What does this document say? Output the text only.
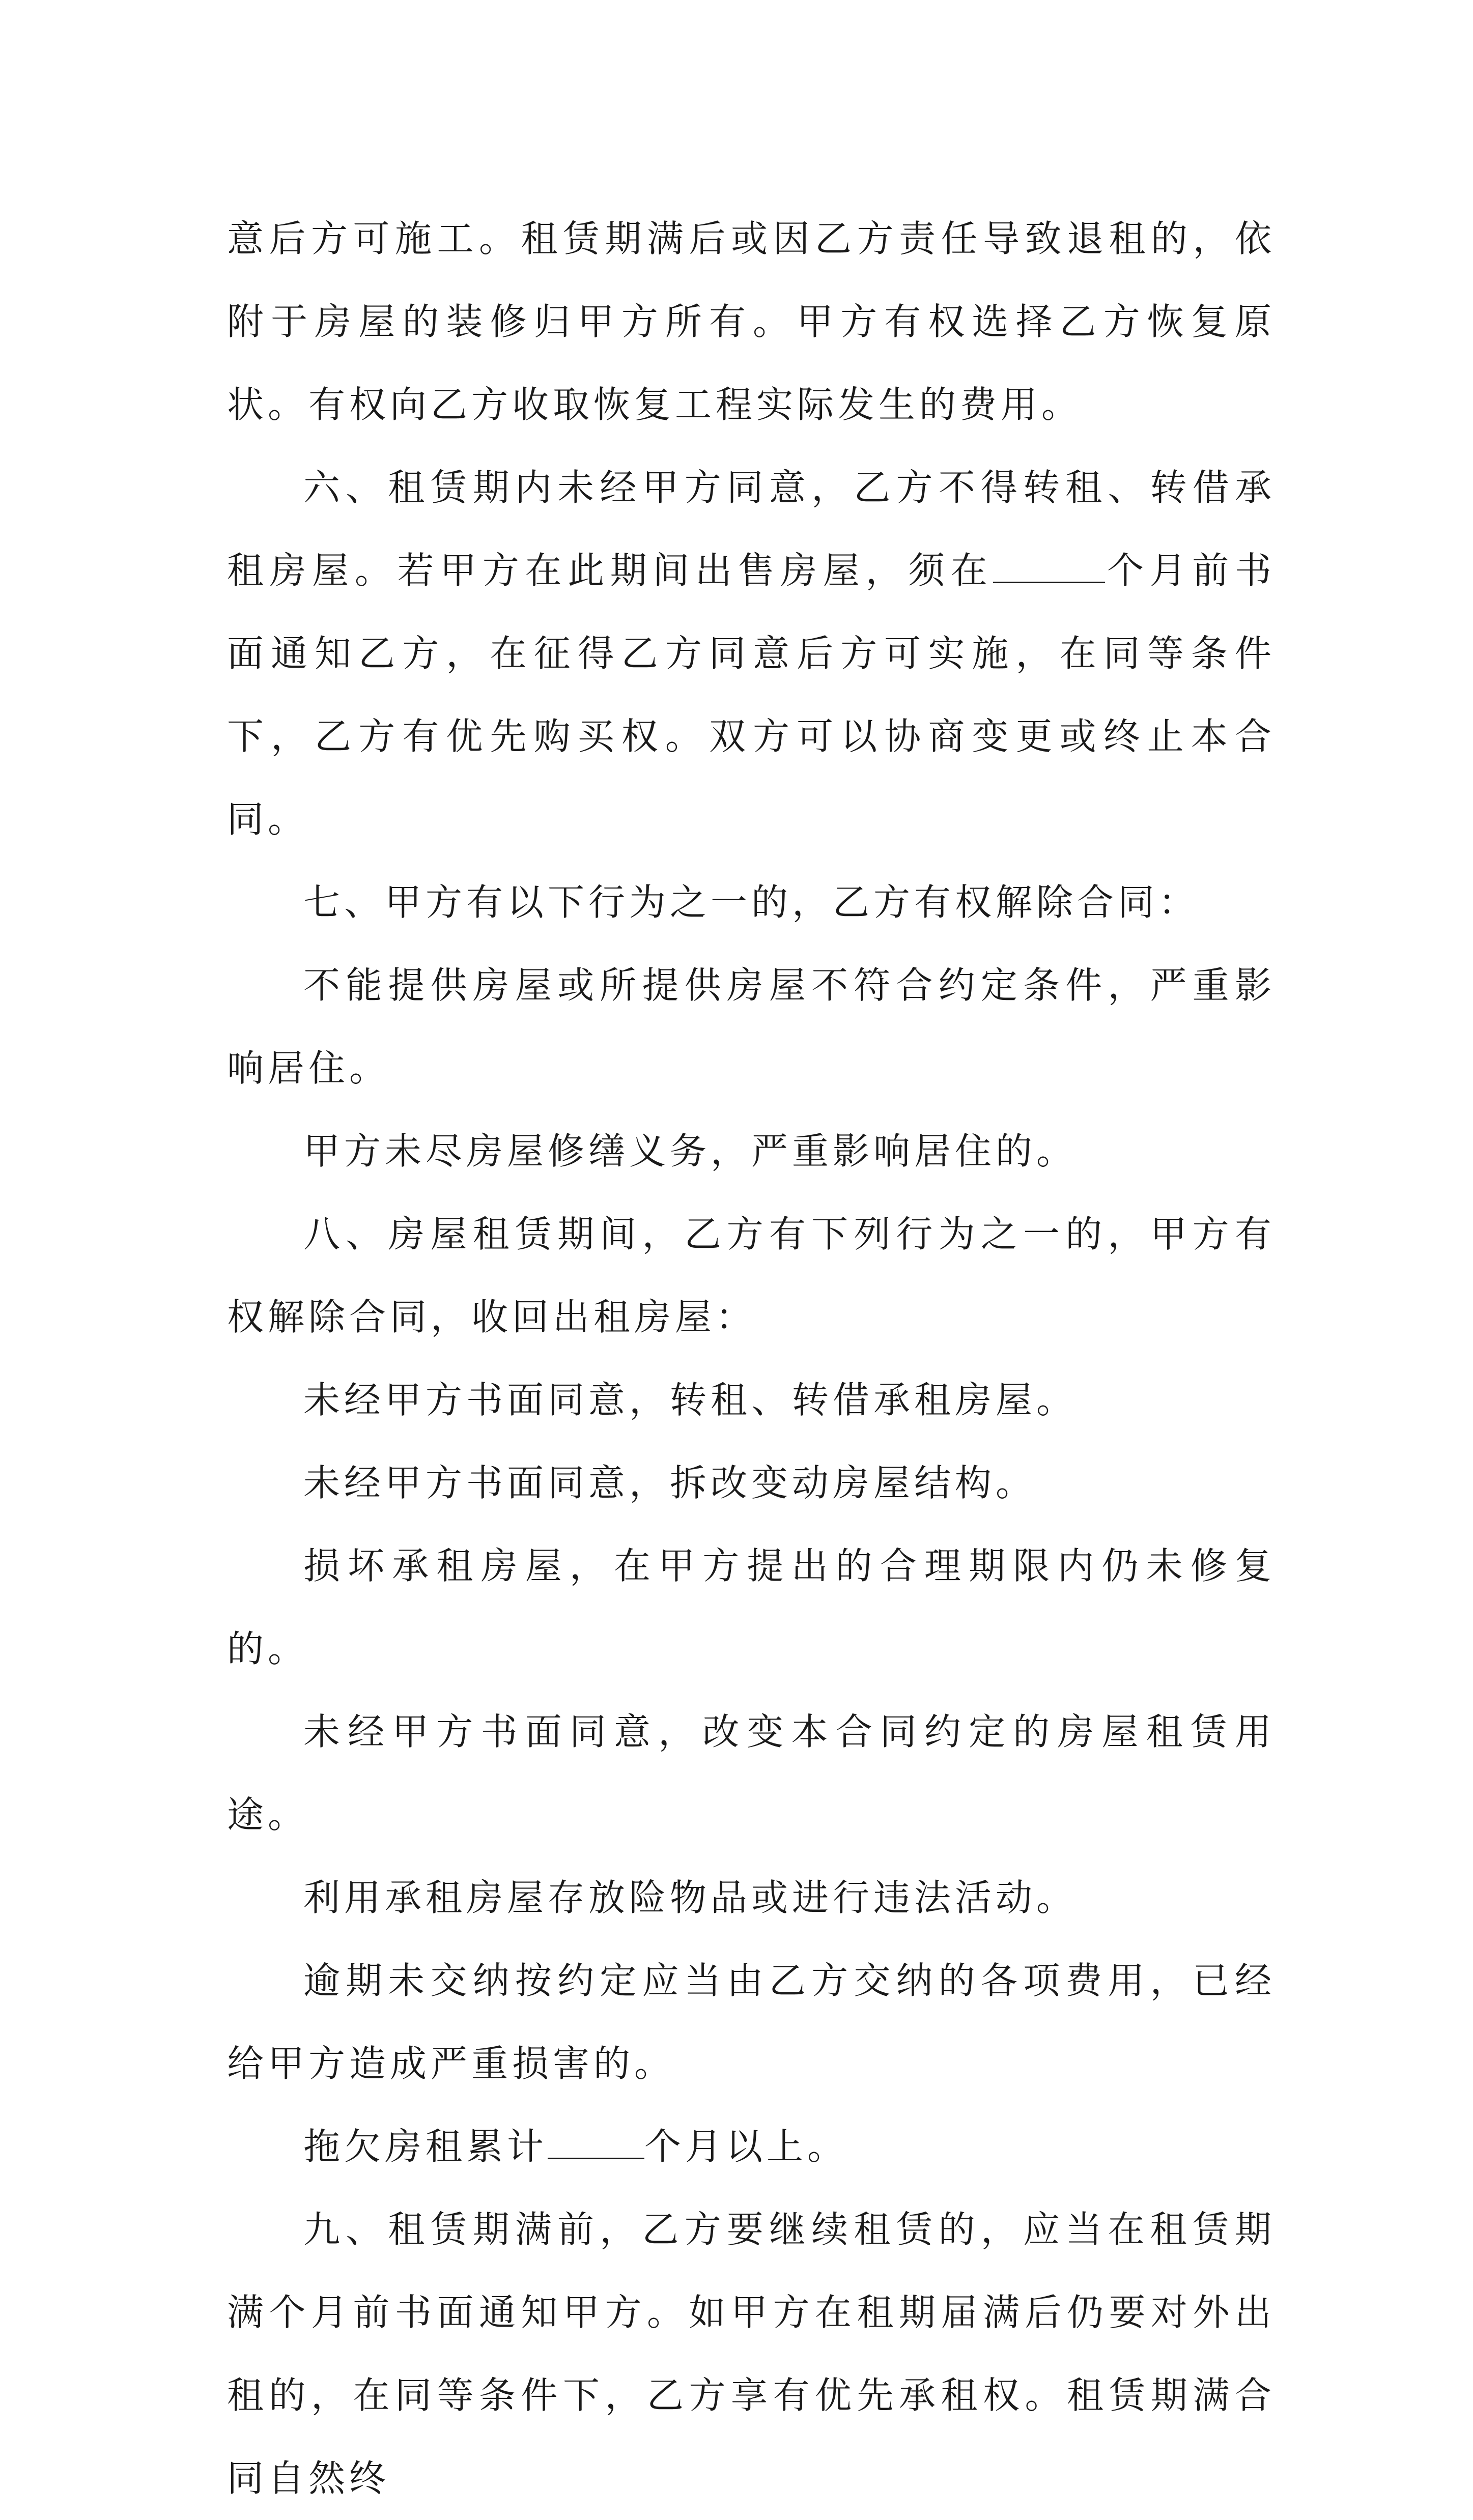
意后方可施工。租赁期满后或因乙方责任导致退租的，依附于房屋的装修归甲方所有。甲方有权选择乙方恢复原状。有权向乙方收取恢复工程实际发生的费用。

六、租赁期内未经甲方同意，乙方不得转租、转借承租房屋。若甲方在此期间出售房屋，须在	个月前书面通知乙方，在征得乙方同意后方可实施，在同等条件下，乙方有优先购买权。双方可以协商变更或终止本合同。

七、甲方有以下行为之一的，乙方有权解除合同：

不能提供房屋或所提供房屋不符合约定条件，严重影响居住。

甲方未尽房屋修缮义务，严重影响居住的。

八、房屋租赁期间，乙方有下列行为之一的，甲方有权解除合同，收回出租房屋：

未经甲方书面同意，转租、转借承租房屋。

未经甲方书面同意，拆改变动房屋结构。

损坏承租房屋，在甲方提出的合理期限内仍未修复的。

未经甲方书面同意，改变本合同约定的房屋租赁用途。

利用承租房屋存放险物品或进行违法活动。

逾期未交纳按约定应当由乙方交纳的各项费用，已经给甲方造成严重损害的。

拖欠房租累计	个月以上。

九、租赁期满前，乙方要继续租赁的，应当在租赁期满个月前书面通知甲方。如甲方在租期届满后仍要对外出租的，在同等条件下，乙方享有优先承租权。租赁期满合同自然终
